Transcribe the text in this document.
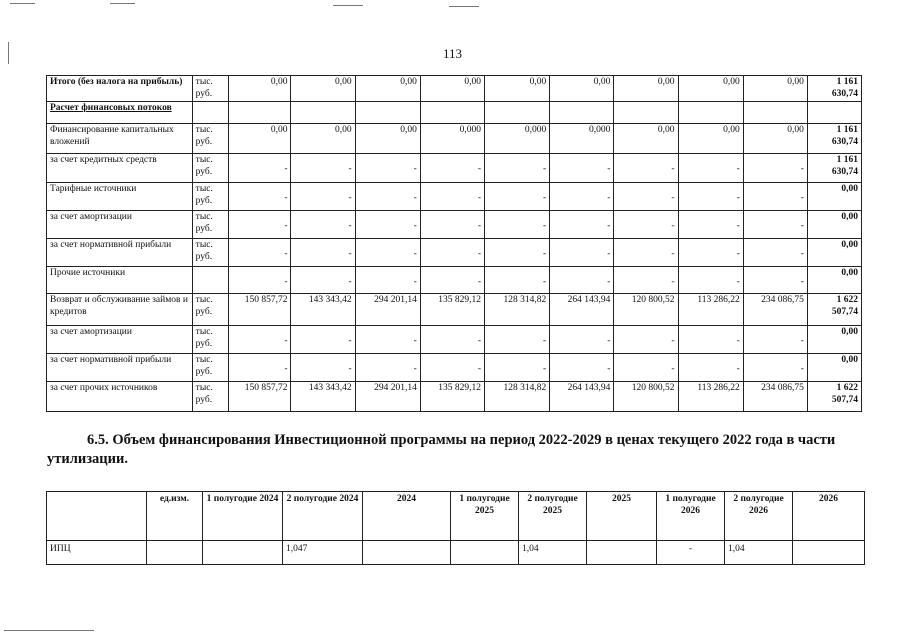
113
Итого (без налога на прибыль)	тыс. руб.	0,00	0,00	0,00	0,00	0,00	0,00	0,00	0,00	0,00	1 161 630,74
Расчет финансовых потоков											
Финансирование капитальных вложений	тыс. руб.	0,00	0,00	0,00	0,000	0,000	0,000	0,00	0,00	0,00	1 161 630,74
за счет кредитных средств	тыс. руб.	-	-	-	-	-	-	-	-	-	1 161 630,74
Тарифные источники	тыс. руб.	-	-	-	-	-	-	-	-	-	0,00
за счет амортизации	тыс. руб.	-	-	-	-	-	-	-	-	-	0,00
за счет нормативной прибыли	тыс. руб.	-	-	-	-	-	-	-	-	-	0,00
Прочие источники		-	-	-	-	-	-	-	-	-	0,00
Возврат и обслуживание займов и кредитов	тыс. руб.	150 857,72	143 343,42	294 201,14	135 829,12	128 314,82	264 143,94	120 800,52	113 286,22	234 086,75	1 622 507,74
за счет амортизации	тыс. руб.	-	-	-	-	-	-	-	-	-	0,00
за счет нормативной прибыли	тыс. руб.	-	-	-	-	-	-	-	-	-	0,00
за счет прочих источников	тыс. руб.	150 857,72	143 343,42	294 201,14	135 829,12	128 314,82	264 143,94	120 800,52	113 286,22	234 086,75	1 622 507,74
6.5. Объем финансирования Инвестиционной программы на период 2022-2029 в ценах текущего 2022 года в части утилизации.
	ед.изм.	1 полугодие 2024	2 полугодие 2024	2024	1 полугодие 2025	2 полугодие 2025	2025	1 полугодие 2026	2 полугодие 2026	2026
ИПЦ			1,047			1,04		-	1,04	
